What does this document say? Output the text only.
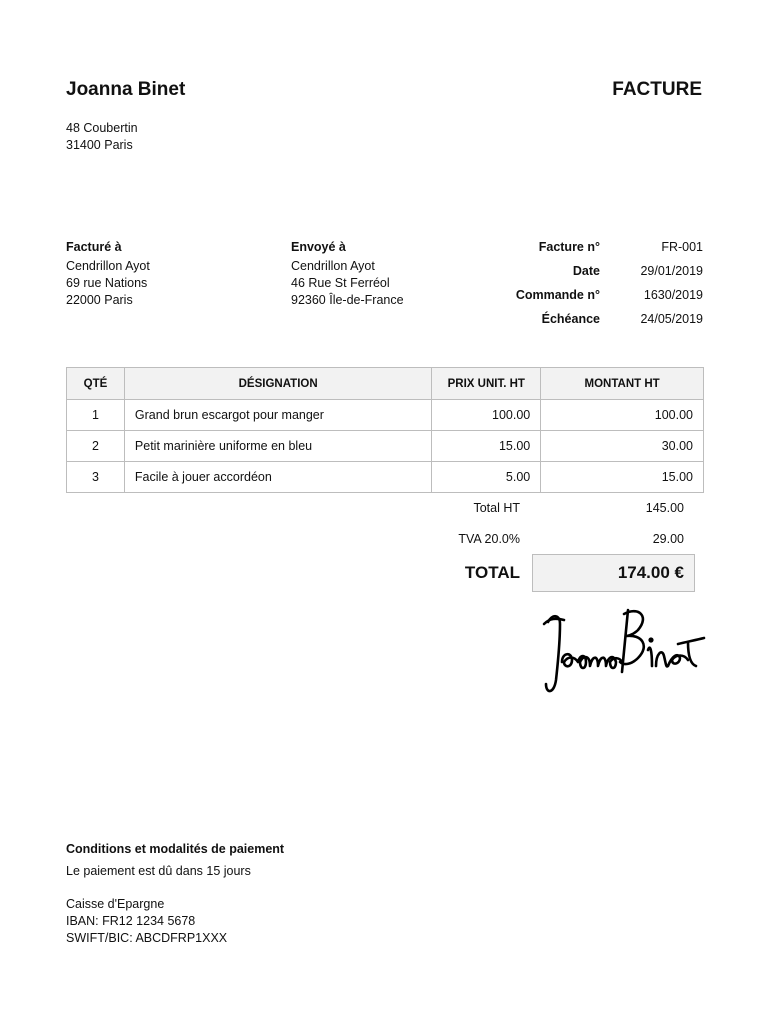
Joanna Binet	FACTURE
48 Coubertin
31400 Paris
Facturé à
Cendrillon Ayot
69 rue Nations
22000 Paris
Envoyé à
Cendrillon Ayot
46 Rue St Ferréol
92360 Île-de-France
Facture n°	FR-001
Date	29/01/2019
Commande n°	1630/2019
Échéance	24/05/2019
QTÉ	DÉSIGNATION	PRIX UNIT. HT	MONTANT HT
1	Grand brun escargot pour manger	100.00	100.00
2	Petit marinière uniforme en bleu	15.00	30.00
3	Facile à jouer accordéon	5.00	15.00
Total HT	145.00
TVA 20.0%	29.00
TOTAL	174.00 €
Conditions et modalités de paiement
Le paiement est dû dans 15 jours
Caisse d'Epargne
IBAN: FR12 1234 5678
SWIFT/BIC: ABCDFRP1XXX
